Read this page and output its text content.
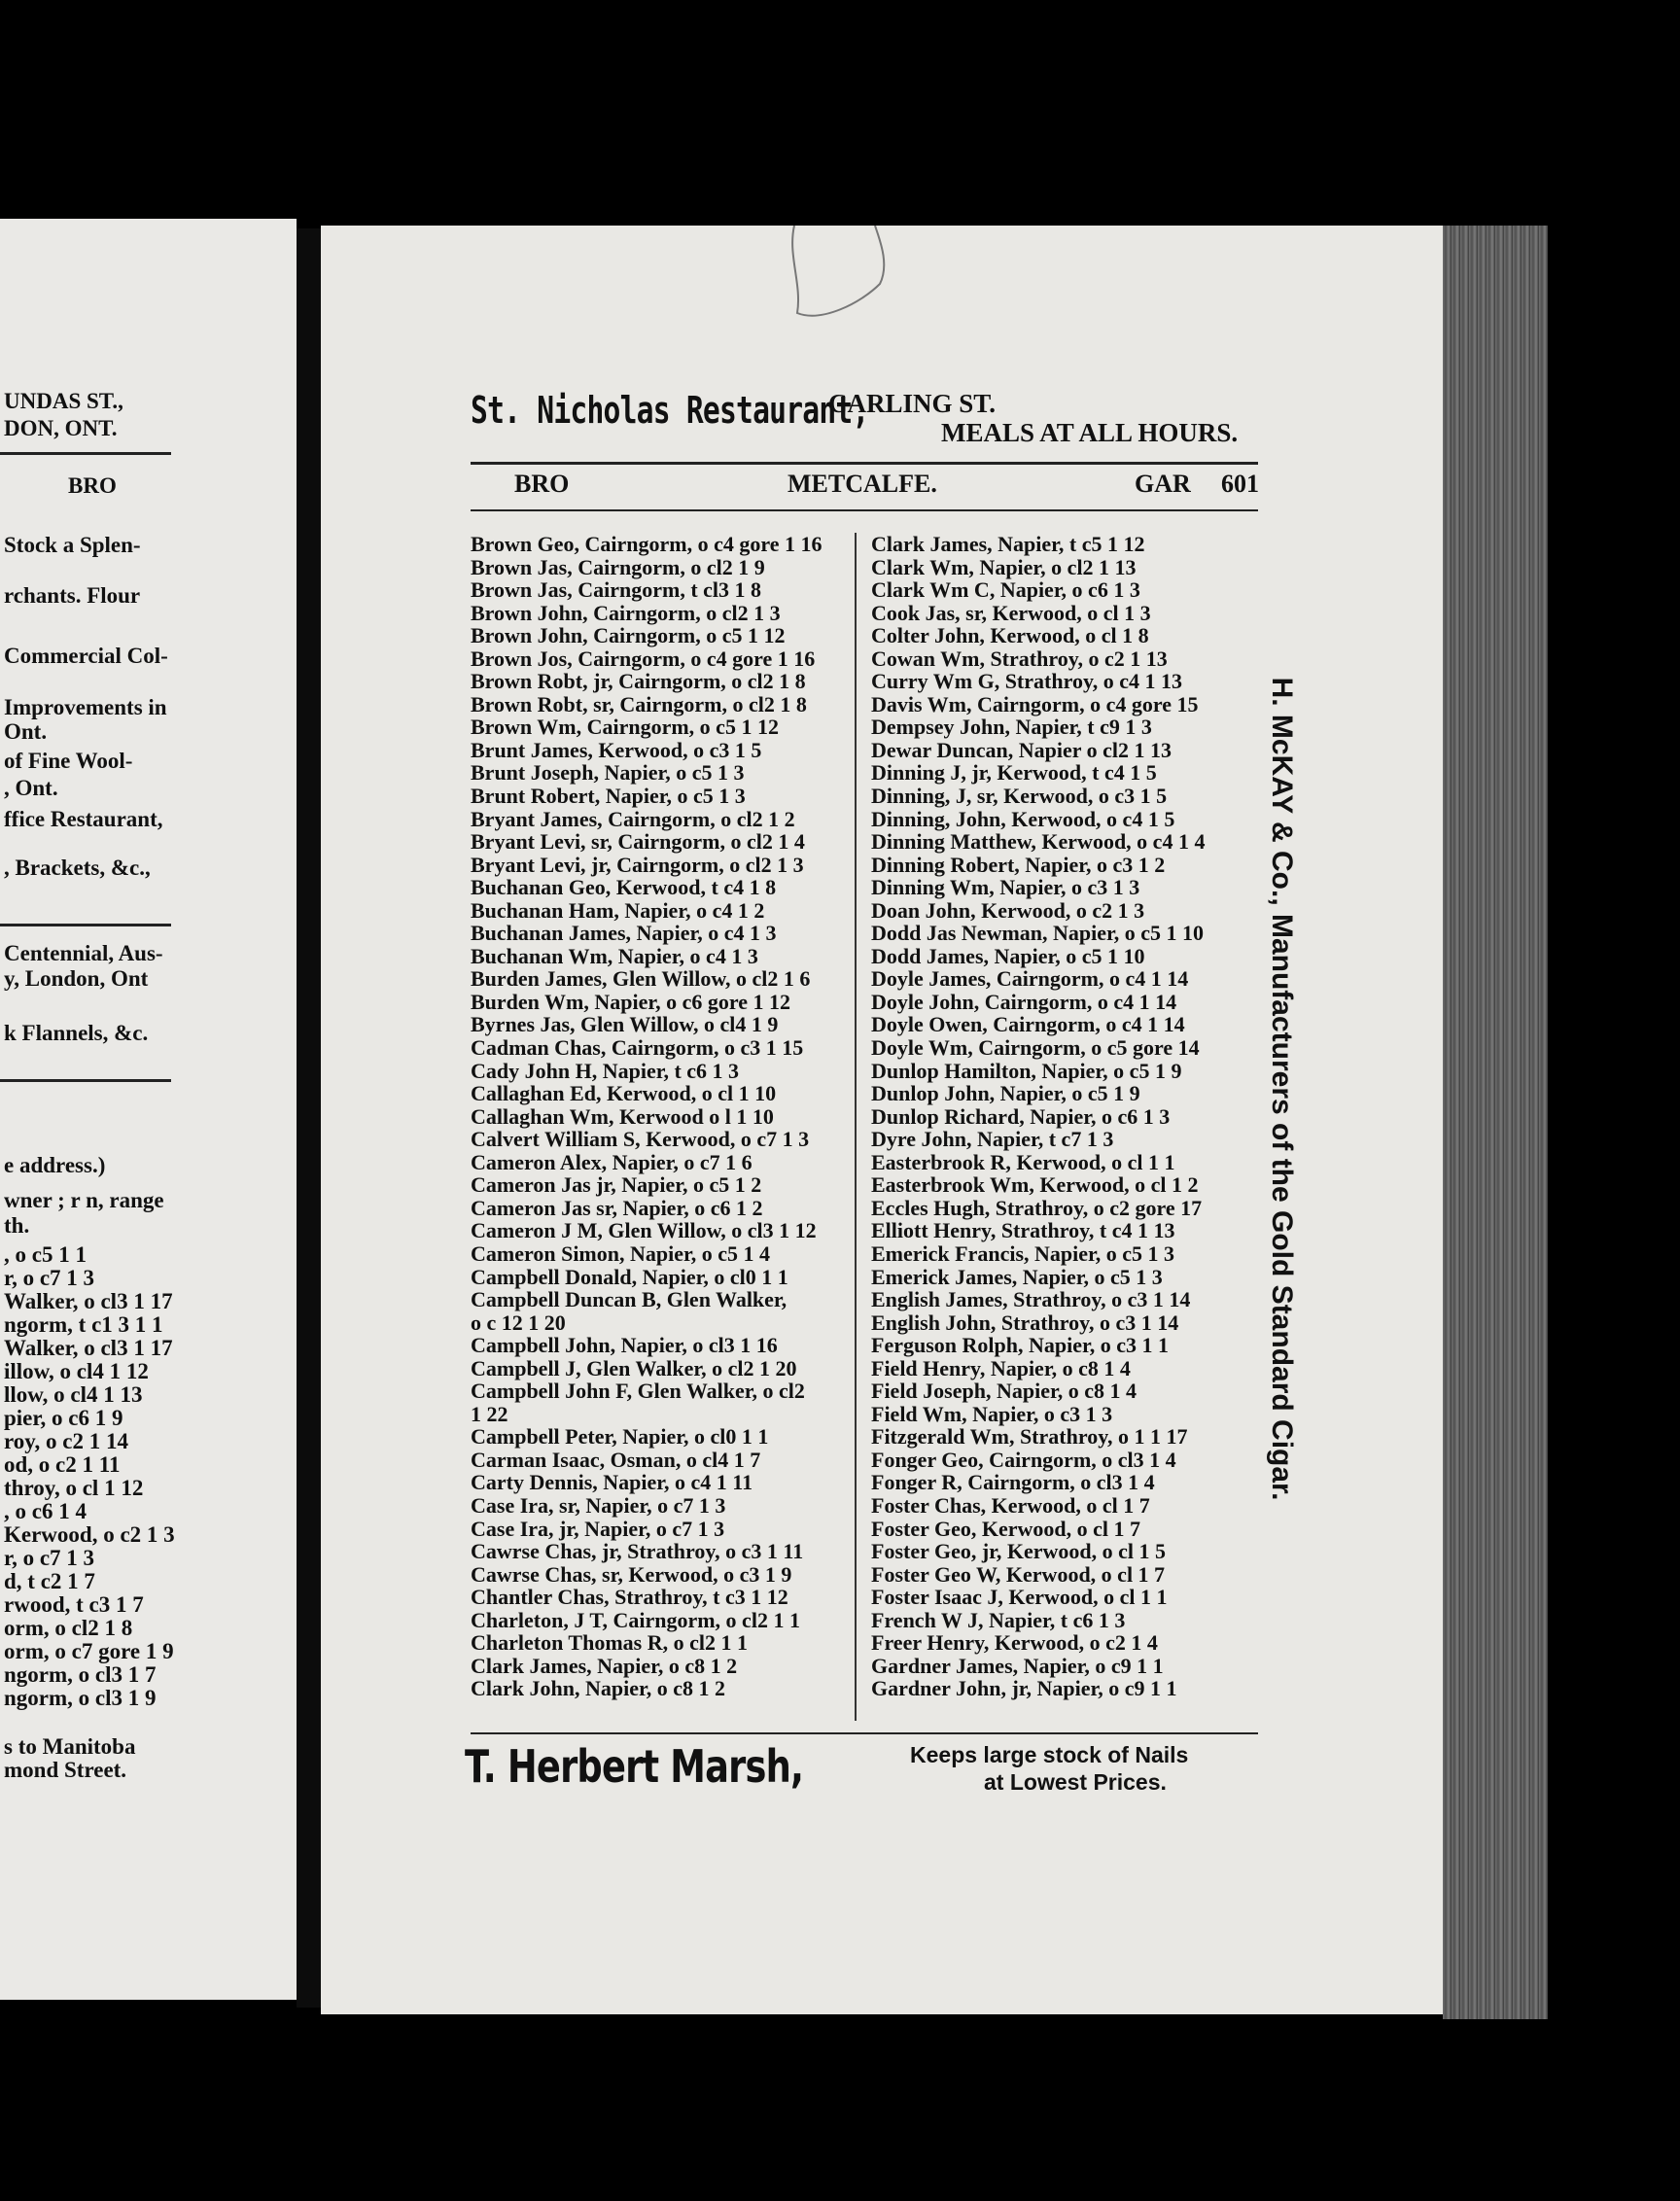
UNDAS ST.,
DON, ONT.
BRO
Stock a Splen-
rchants. Flour
Commercial Col-
Improvements in
Ont.
of Fine Wool-
, Ont.
ffice Restaurant,
, Brackets, &c.,
Centennial, Aus-
y, London, Ont
k Flannels, &c.
e address.)
wner ; r n, range
th.
, o c5 1 1
r, o c7 1 3
Walker, o cl3 1 17
ngorm, t c1 3 1 1
Walker, o cl3 1 17
illow, o cl4 1 12
llow, o cl4 1 13
pier, o c6 1 9
roy, o c2 1 14
od, o c2 1 11
throy, o cl 1 12
, o c6 1 4
Kerwood, o c2 1 3
r, o c7 1 3
d, t c2 1 7
rwood, t c3 1 7
orm, o cl2 1 8
orm, o c7 gore 1 9
ngorm, o cl3 1 7
ngorm, o cl3 1 9
s to Manitoba
mond Street.
St. Nicholas Restaurant,
CARLING ST.
MEALS AT ALL HOURS.
BRO	METCALFE.	GAR 601
Brown Geo, Cairngorm, o c4 gore 1 16
Brown Jas, Cairngorm, o cl2 1 9
Brown Jas, Cairngorm, t cl3 1 8
Brown John, Cairngorm, o cl2 1 3
Brown John, Cairngorm, o c5 1 12
Brown Jos, Cairngorm, o c4 gore 1 16
Brown Robt, jr, Cairngorm, o cl2 1 8
Brown Robt, sr, Cairngorm, o cl2 1 8
Brown Wm, Cairngorm, o c5 1 12
Brunt James, Kerwood, o c3 1 5
Brunt Joseph, Napier, o c5 1 3
Brunt Robert, Napier, o c5 1 3
Bryant James, Cairngorm, o cl2 1 2
Bryant Levi, sr, Cairngorm, o cl2 1 4
Bryant Levi, jr, Cairngorm, o cl2 1 3
Buchanan Geo, Kerwood, t c4 1 8
Buchanan Ham, Napier, o c4 1 2
Buchanan James, Napier, o c4 1 3
Buchanan Wm, Napier, o c4 1 3
Burden James, Glen Willow, o cl2 1 6
Burden Wm, Napier, o c6 gore 1 12
Byrnes Jas, Glen Willow, o cl4 1 9
Cadman Chas, Cairngorm, o c3 1 15
Cady John H, Napier, t c6 1 3
Callaghan Ed, Kerwood, o cl 1 10
Callaghan Wm, Kerwood o l 1 10
Calvert William S, Kerwood, o c7 1 3
Cameron Alex, Napier, o c7 1 6
Cameron Jas jr, Napier, o c5 1 2
Cameron Jas sr, Napier, o c6 1 2
Cameron J M, Glen Willow, o cl3 1 12
Cameron Simon, Napier, o c5 1 4
Campbell Donald, Napier, o cl0 1 1
Campbell Duncan B, Glen Walker,
o c 12 1 20
Campbell John, Napier, o cl3 1 16
Campbell J, Glen Walker, o cl2 1 20
Campbell John F, Glen Walker, o cl2
1 22
Campbell Peter, Napier, o cl0 1 1
Carman Isaac, Osman, o cl4 1 7
Carty Dennis, Napier, o c4 1 11
Case Ira, sr, Napier, o c7 1 3
Case Ira, jr, Napier, o c7 1 3
Cawrse Chas, jr, Strathroy, o c3 1 11
Cawrse Chas, sr, Kerwood, o c3 1 9
Chantler Chas, Strathroy, t c3 1 12
Charleton, J T, Cairngorm, o cl2 1 1
Charleton Thomas R, o cl2 1 1
Clark James, Napier, o c8 1 2
Clark John, Napier, o c8 1 2
Clark James, Napier, t c5 1 12
Clark Wm, Napier, o cl2 1 13
Clark Wm C, Napier, o c6 1 3
Cook Jas, sr, Kerwood, o cl 1 3
Colter John, Kerwood, o cl 1 8
Cowan Wm, Strathroy, o c2 1 13
Curry Wm G, Strathroy, o c4 1 13
Davis Wm, Cairngorm, o c4 gore 15
Dempsey John, Napier, t c9 1 3
Dewar Duncan, Napier o cl2 1 13
Dinning J, jr, Kerwood, t c4 1 5
Dinning, J, sr, Kerwood, o c3 1 5
Dinning, John, Kerwood, o c4 1 5
Dinning Matthew, Kerwood, o c4 1 4
Dinning Robert, Napier, o c3 1 2
Dinning Wm, Napier, o c3 1 3
Doan John, Kerwood, o c2 1 3
Dodd Jas Newman, Napier, o c5 1 10
Dodd James, Napier, o c5 1 10
Doyle James, Cairngorm, o c4 1 14
Doyle John, Cairngorm, o c4 1 14
Doyle Owen, Cairngorm, o c4 1 14
Doyle Wm, Cairngorm, o c5 gore 14
Dunlop Hamilton, Napier, o c5 1 9
Dunlop John, Napier, o c5 1 9
Dunlop Richard, Napier, o c6 1 3
Dyre John, Napier, t c7 1 3
Easterbrook R, Kerwood, o cl 1 1
Easterbrook Wm, Kerwood, o cl 1 2
Eccles Hugh, Strathroy, o c2 gore 17
Elliott Henry, Strathroy, t c4 1 13
Emerick Francis, Napier, o c5 1 3
Emerick James, Napier, o c5 1 3
English James, Strathroy, o c3 1 14
English John, Strathroy, o c3 1 14
Ferguson Rolph, Napier, o c3 1 1
Field Henry, Napier, o c8 1 4
Field Joseph, Napier, o c8 1 4
Field Wm, Napier, o c3 1 3
Fitzgerald Wm, Strathroy, o 1 1 17
Fonger Geo, Cairngorm, o cl3 1 4
Fonger R, Cairngorm, o cl3 1 4
Foster Chas, Kerwood, o cl 1 7
Foster Geo, Kerwood, o cl 1 7
Foster Geo, jr, Kerwood, o cl 1 5
Foster Geo W, Kerwood, o cl 1 7
Foster Isaac J, Kerwood, o cl 1 1
French W J, Napier, t c6 1 3
Freer Henry, Kerwood, o c2 1 4
Gardner James, Napier, o c9 1 1
Gardner John, jr, Napier, o c9 1 1
H. McKAY & Co., Manufacturers of the Gold Standard Cigar.
T. Herbert Marsh,	Keeps large stock of Nails
at Lowest Prices.
